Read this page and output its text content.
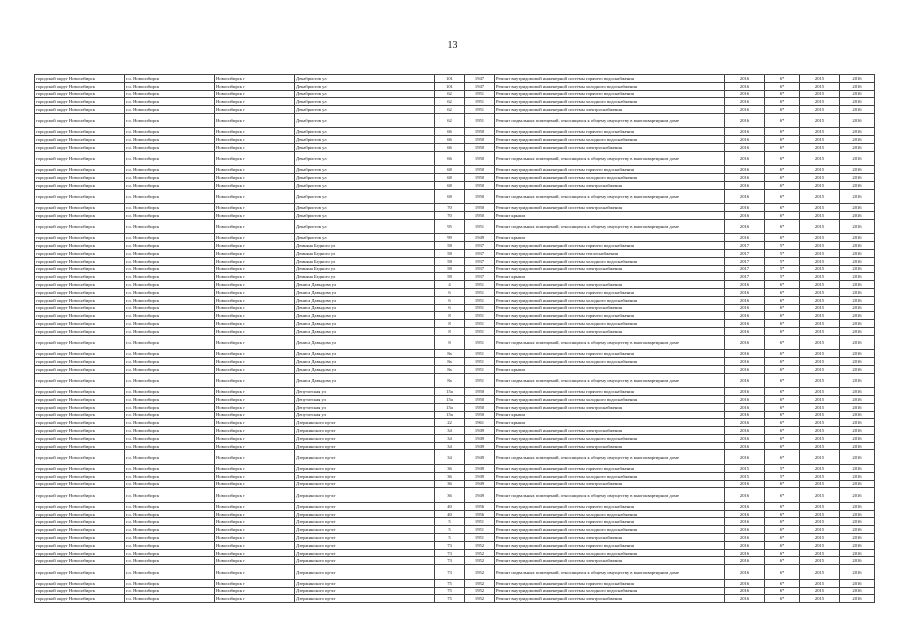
13
городской округ Новосибирск	г.о. Новосибирск	Новосибирск г	Декабристов ул	101	1947	Ремонт внутридомовой инженерной системы горячего водоснабжения	2016	6*	2015	2016
городской округ Новосибирск	г.о. Новосибирск	Новосибирск г	Декабристов ул	101	1947	Ремонт внутридомовой инженерной системы холодного водоснабжения	2016	6*	2015	2016
городской округ Новосибирск	г.о. Новосибирск	Новосибирск г	Декабристов ул	62	1951	Ремонт внутридомовой инженерной системы горячего водоснабжения	2016	6*	2015	2016
городской округ Новосибирск	г.о. Новосибирск	Новосибирск г	Декабристов ул	62	1951	Ремонт внутридомовой инженерной системы холодного водоснабжения	2016	6*	2015	2016
городской округ Новосибирск	г.о. Новосибирск	Новосибирск г	Декабристов ул	62	1951	Ремонт внутридомовой инженерной системы электроснабжения	2016	6*	2015	2016
городской округ Новосибирск	г.о. Новосибирск	Новосибирск г	Декабристов ул	62	1951	Ремонт подвальных помещений, относящихся к общему имуществу в многоквартирном доме	2016	6*	2015	2016
городской округ Новосибирск	г.о. Новосибирск	Новосибирск г	Декабристов ул	66	1950	Ремонт внутридомовой инженерной системы горячего водоснабжения	2016	6*	2015	2016
городской округ Новосибирск	г.о. Новосибирск	Новосибирск г	Декабристов ул	66	1950	Ремонт внутридомовой инженерной системы холодного водоснабжения	2016	6*	2015	2016
городской округ Новосибирск	г.о. Новосибирск	Новосибирск г	Декабристов ул	66	1950	Ремонт внутридомовой инженерной системы электроснабжения	2016	6*	2015	2016
городской округ Новосибирск	г.о. Новосибирск	Новосибирск г	Декабристов ул	66	1950	Ремонт подвальных помещений, относящихся к общему имуществу в многоквартирном доме	2016	6*	2015	2016
городской округ Новосибирск	г.о. Новосибирск	Новосибирск г	Декабристов ул	68	1950	Ремонт внутридомовой инженерной системы горячего водоснабжения	2016	6*	2015	2016
городской округ Новосибирск	г.о. Новосибирск	Новосибирск г	Декабристов ул	68	1950	Ремонт внутридомовой инженерной системы холодного водоснабжения	2016	6*	2015	2016
городской округ Новосибирск	г.о. Новосибирск	Новосибирск г	Декабристов ул	68	1950	Ремонт внутридомовой инженерной системы электроснабжения	2016	6*	2015	2016
городской округ Новосибирск	г.о. Новосибирск	Новосибирск г	Декабристов ул	68	1950	Ремонт подвальных помещений, относящихся к общему имуществу в многоквартирном доме	2016	6*	2015	2016
городской округ Новосибирск	г.о. Новосибирск	Новосибирск г	Декабристов ул	70	1950	Ремонт внутридомовой инженерной системы электроснабжения	2016	6*	2015	2016
городской округ Новосибирск	г.о. Новосибирск	Новосибирск г	Декабристов ул	70	1950	Ремонт крыши	2016	6*	2015	2016
городской округ Новосибирск	г.о. Новосибирск	Новосибирск г	Декабристов ул	95	1951	Ремонт подвальных помещений, относящихся к общему имуществу в многоквартирном доме	2016	6*	2015	2016
городской округ Новосибирск	г.о. Новосибирск	Новосибирск г	Декабристов ул	99	1949	Ремонт крыши	2016	6*	2015	2016
городской округ Новосибирск	г.о. Новосибирск	Новосибирск г	Демьяна Бедного ул	58	1937	Ремонт внутридомовой инженерной системы горячего водоснабжения	2017	5*	2015	2016
городской округ Новосибирск	г.о. Новосибирск	Новосибирск г	Демьяна Бедного ул	58	1937	Ремонт внутридомовой инженерной системы теплоснабжения	2017	5*	2015	2016
городской округ Новосибирск	г.о. Новосибирск	Новосибирск г	Демьяна Бедного ул	58	1937	Ремонт внутридомовой инженерной системы холодного водоснабжения	2017	5*	2015	2016
городской округ Новосибирск	г.о. Новосибирск	Новосибирск г	Демьяна Бедного ул	58	1937	Ремонт внутридомовой инженерной системы электроснабжения	2017	5*	2015	2016
городской округ Новосибирск	г.о. Новосибирск	Новосибирск г	Демьяна Бедного ул	58	1937	Ремонт крыши	2017	5*	2015	2016
городской округ Новосибирск	г.о. Новосибирск	Новосибирск г	Дениса Давыдова ул	4	1951	Ремонт внутридомовой инженерной системы электроснабжения	2016	6*	2015	2016
городской округ Новосибирск	г.о. Новосибирск	Новосибирск г	Дениса Давыдова ул	6	1951	Ремонт внутридомовой инженерной системы горячего водоснабжения	2016	6*	2015	2016
городской округ Новосибирск	г.о. Новосибирск	Новосибирск г	Дениса Давыдова ул	6	1951	Ремонт внутридомовой инженерной системы холодного водоснабжения	2016	6*	2015	2016
городской округ Новосибирск	г.о. Новосибирск	Новосибирск г	Дениса Давыдова ул	6	1951	Ремонт внутридомовой инженерной системы электроснабжения	2016	6*	2015	2016
городской округ Новосибирск	г.о. Новосибирск	Новосибирск г	Дениса Давыдова ул	8	1951	Ремонт внутридомовой инженерной системы горячего водоснабжения	2016	6*	2015	2016
городской округ Новосибирск	г.о. Новосибирск	Новосибирск г	Дениса Давыдова ул	8	1951	Ремонт внутридомовой инженерной системы холодного водоснабжения	2016	6*	2015	2016
городской округ Новосибирск	г.о. Новосибирск	Новосибирск г	Дениса Давыдова ул	8	1951	Ремонт внутридомовой инженерной системы электроснабжения	2016	6*	2015	2016
городской округ Новосибирск	г.о. Новосибирск	Новосибирск г	Дениса Давыдова ул	8	1951	Ремонт подвальных помещений, относящихся к общему имуществу в многоквартирном доме	2016	6*	2015	2016
городской округ Новосибирск	г.о. Новосибирск	Новосибирск г	Дениса Давыдова ул	8а	1951	Ремонт внутридомовой инженерной системы горячего водоснабжения	2016	6*	2015	2016
городской округ Новосибирск	г.о. Новосибирск	Новосибирск г	Дениса Давыдова ул	8а	1951	Ремонт внутридомовой инженерной системы холодного водоснабжения	2016	6*	2015	2016
городской округ Новосибирск	г.о. Новосибирск	Новосибирск г	Дениса Давыдова ул	8а	1951	Ремонт крыши	2016	6*	2015	2016
городской округ Новосибирск	г.о. Новосибирск	Новосибирск г	Дениса Давыдова ул	8а	1951	Ремонт подвальных помещений, относящихся к общему имуществу в многоквартирном доме	2016	6*	2015	2016
городской округ Новосибирск	г.о. Новосибирск	Новосибирск г	Депутатская ул	15а	1950	Ремонт внутридомовой инженерной системы горячего водоснабжения	2016	6*	2015	2016
городской округ Новосибирск	г.о. Новосибирск	Новосибирск г	Депутатская ул	15а	1950	Ремонт внутридомовой инженерной системы холодного водоснабжения	2016	6*	2015	2016
городской округ Новосибирск	г.о. Новосибирск	Новосибирск г	Депутатская ул	15а	1950	Ремонт внутридомовой инженерной системы электроснабжения	2016	6*	2015	2016
городской округ Новосибирск	г.о. Новосибирск	Новосибирск г	Депутатская ул	15а	1950	Ремонт крыши	2016	6*	2015	2016
городской округ Новосибирск	г.о. Новосибирск	Новосибирск г	Дзержинского пр-кт	22	1961	Ремонт крыши	2016	6*	2015	2016
городской округ Новосибирск	г.о. Новосибирск	Новосибирск г	Дзержинского пр-кт	34	1949	Ремонт внутридомовой инженерной системы электроснабжения	2016	6*	2015	2016
городской округ Новосибирск	г.о. Новосибирск	Новосибирск г	Дзержинского пр-кт	34	1949	Ремонт внутридомовой инженерной системы холодного водоснабжения	2016	6*	2015	2016
городской округ Новосибирск	г.о. Новосибирск	Новосибирск г	Дзержинского пр-кт	34	1949	Ремонт внутридомовой инженерной системы электроснабжения	2016	6*	2015	2016
городской округ Новосибирск	г.о. Новосибирск	Новосибирск г	Дзержинского пр-кт	34	1949	Ремонт подвальных помещений, относящихся к общему имуществу в многоквартирном доме	2016	6*	2015	2016
городской округ Новосибирск	г.о. Новосибирск	Новосибирск г	Дзержинского пр-кт	36	1949	Ремонт внутридомовой инженерной системы горячего водоснабжения	2015	5*	2015	2016
городской округ Новосибирск	г.о. Новосибирск	Новосибирск г	Дзержинского пр-кт	36	1949	Ремонт внутридомовой инженерной системы холодного водоснабжения	2015	5*	2015	2016
городской округ Новосибирск	г.о. Новосибирск	Новосибирск г	Дзержинского пр-кт	36	1949	Ремонт внутридомовой инженерной системы электроснабжения	2016	6*	2015	2016
городской округ Новосибирск	г.о. Новосибирск	Новосибирск г	Дзержинского пр-кт	36	1949	Ремонт подвальных помещений, относящихся к общему имуществу в многоквартирном доме	2016	6*	2015	2016
городской округ Новосибирск	г.о. Новосибирск	Новосибирск г	Дзержинского пр-кт	40	1956	Ремонт внутридомовой инженерной системы горячего водоснабжения	2016	6*	2015	2016
городской округ Новосибирск	г.о. Новосибирск	Новосибирск г	Дзержинского пр-кт	40	1956	Ремонт внутридомовой инженерной системы холодного водоснабжения	2016	6*	2015	2016
городской округ Новосибирск	г.о. Новосибирск	Новосибирск г	Дзержинского пр-кт	5	1951	Ремонт внутридомовой инженерной системы горячего водоснабжения	2016	6*	2015	2016
городской округ Новосибирск	г.о. Новосибирск	Новосибирск г	Дзержинского пр-кт	5	1951	Ремонт внутридомовой инженерной системы холодного водоснабжения	2016	6*	2015	2016
городской округ Новосибирск	г.о. Новосибирск	Новосибирск г	Дзержинского пр-кт	5	1951	Ремонт внутридомовой инженерной системы электроснабжения	2016	6*	2015	2016
городской округ Новосибирск	г.о. Новосибирск	Новосибирск г	Дзержинского пр-кт	73	1952	Ремонт внутридомовой инженерной системы горячего водоснабжения	2016	6*	2015	2016
городской округ Новосибирск	г.о. Новосибирск	Новосибирск г	Дзержинского пр-кт	73	1952	Ремонт внутридомовой инженерной системы холодного водоснабжения	2016	6*	2015	2016
городской округ Новосибирск	г.о. Новосибирск	Новосибирск г	Дзержинского пр-кт	73	1952	Ремонт внутридомовой инженерной системы электроснабжения	2016	6*	2015	2016
городской округ Новосибирск	г.о. Новосибирск	Новосибирск г	Дзержинского пр-кт	73	1952	Ремонт подвальных помещений, относящихся к общему имуществу в многоквартирном доме	2016	6*	2015	2016
городской округ Новосибирск	г.о. Новосибирск	Новосибирск г	Дзержинского пр-кт	75	1952	Ремонт внутридомовой инженерной системы горячего водоснабжения	2016	6*	2015	2016
городской округ Новосибирск	г.о. Новосибирск	Новосибирск г	Дзержинского пр-кт	75	1952	Ремонт внутридомовой инженерной системы холодного водоснабжения	2016	6*	2015	2016
городской округ Новосибирск	г.о. Новосибирск	Новосибирск г	Дзержинского пр-кт	75	1952	Ремонт внутридомовой инженерной системы электроснабжения	2016	6*	2015	2016
